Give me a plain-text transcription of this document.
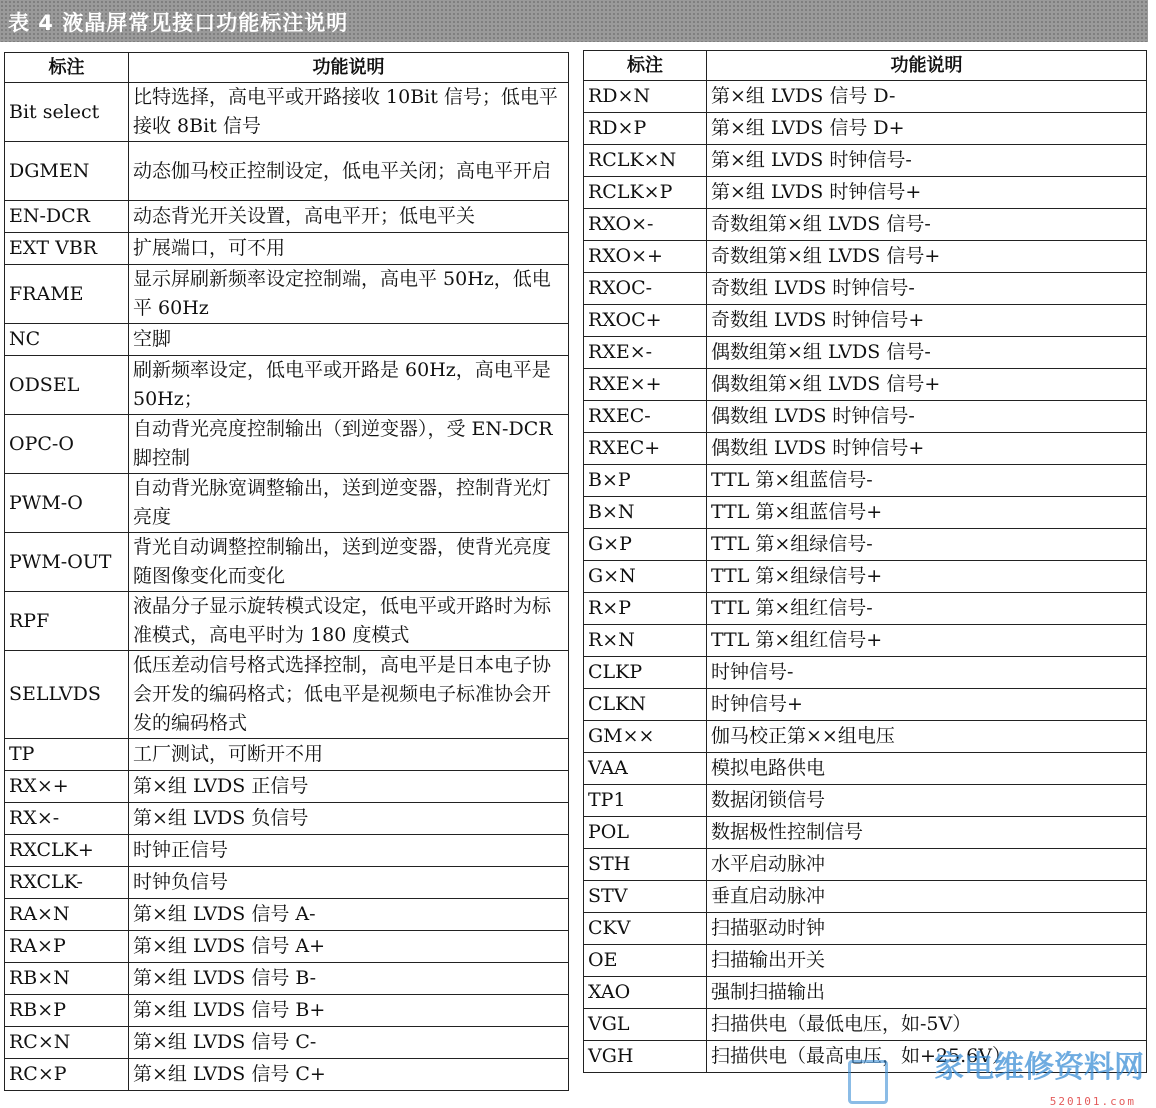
表 4 液晶屏常见接口功能标注说明
标注	功能说明
Bit select	比特选择，高电平或开路接收 10Bit 信号；低电平接收 8Bit 信号
DGMEN	动态伽马校正控制设定，低电平关闭；高电平开启
EN-DCR	动态背光开关设置，高电平开；低电平关
EXT VBR	扩展端口，可不用
FRAME	显示屏刷新频率设定控制端，高电平 50Hz，低电平 60Hz
NC	空脚
ODSEL	刷新频率设定，低电平或开路是 60Hz，高电平是 50Hz；
OPC-O	自动背光亮度控制输出（到逆变器），受 EN-DCR 脚控制
PWM-O	自动背光脉宽调整输出，送到逆变器，控制背光灯亮度
PWM-OUT	背光自动调整控制输出，送到逆变器，使背光亮度随图像变化而变化
RPF	液晶分子显示旋转模式设定，低电平或开路时为标准模式，高电平时为 180 度模式
SELLVDS	低压差动信号格式选择控制，高电平是日本电子协会开发的编码格式；低电平是视频电子标准协会开发的编码格式
TP	工厂测试，可断开不用
RX×+	第×组 LVDS 正信号
RX×-	第×组 LVDS 负信号
RXCLK+	时钟正信号
RXCLK-	时钟负信号
RA×N	第×组 LVDS 信号 A-
RA×P	第×组 LVDS 信号 A+
RB×N	第×组 LVDS 信号 B-
RB×P	第×组 LVDS 信号 B+
RC×N	第×组 LVDS 信号 C-
RC×P	第×组 LVDS 信号 C+
标注	功能说明
RD×N	第×组 LVDS 信号 D-
RD×P	第×组 LVDS 信号 D+
RCLK×N	第×组 LVDS 时钟信号-
RCLK×P	第×组 LVDS 时钟信号+
RXO×-	奇数组第×组 LVDS 信号-
RXO×+	奇数组第×组 LVDS 信号+
RXOC-	奇数组 LVDS 时钟信号-
RXOC+	奇数组 LVDS 时钟信号+
RXE×-	偶数组第×组 LVDS 信号-
RXE×+	偶数组第×组 LVDS 信号+
RXEC-	偶数组 LVDS 时钟信号-
RXEC+	偶数组 LVDS 时钟信号+
B×P	TTL 第×组蓝信号-
B×N	TTL 第×组蓝信号+
G×P	TTL 第×组绿信号-
G×N	TTL 第×组绿信号+
R×P	TTL 第×组红信号-
R×N	TTL 第×组红信号+
CLKP	时钟信号-
CLKN	时钟信号+
GM××	伽马校正第××组电压
VAA	模拟电路供电
TP1	数据闭锁信号
POL	数据极性控制信号
STH	水平启动脉冲
STV	垂直启动脉冲
CKV	扫描驱动时钟
OE	扫描输出开关
XAO	强制扫描输出
VGL	扫描供电（最低电压，如-5V）
VGH	扫描供电（最高电压，如+25.6V）
家电维修资料网
520101.com
